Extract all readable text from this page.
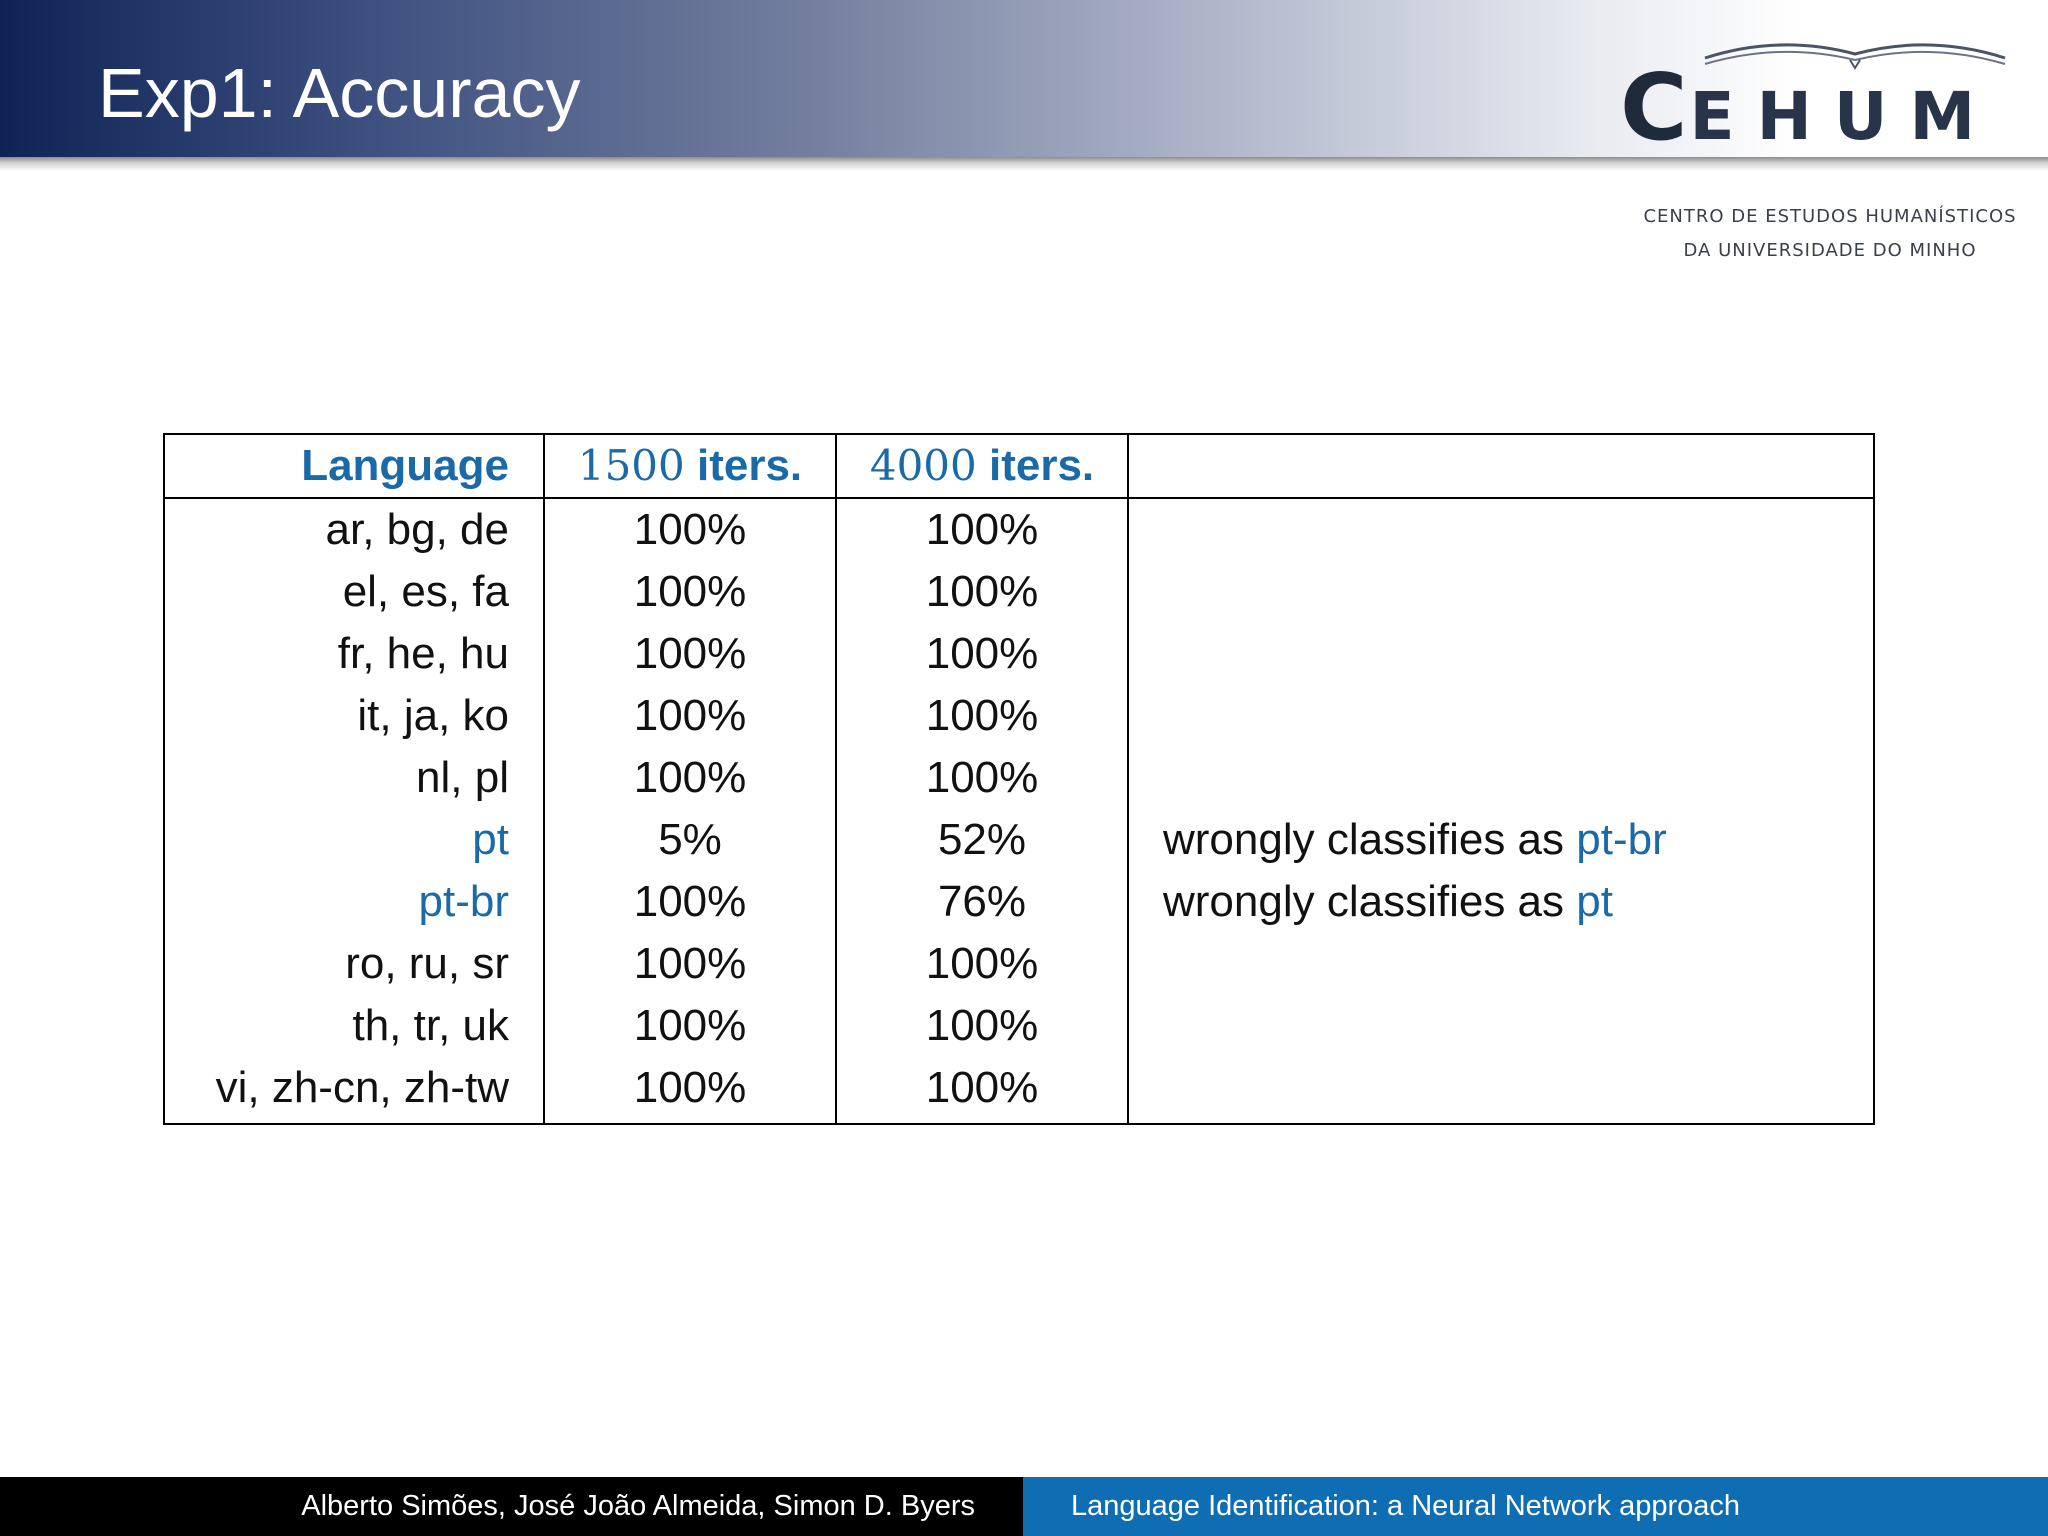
Exp1: Accuracy	CEHUM
CENTRO DE ESTUDOS HUMANÍSTICOS
DA UNIVERSIDADE DO MINHO
Language	1500 iters.	4000 iters.	
ar, bg, de	100%	100%	
el, es, fa	100%	100%	
fr, he, hu	100%	100%	
it, ja, ko	100%	100%	
nl, pl	100%	100%	
pt	5%	52%	wrongly classifies as pt-br
pt-br	100%	76%	wrongly classifies as pt
ro, ru, sr	100%	100%	
th, tr, uk	100%	100%	
vi, zh-cn, zh-tw	100%	100%	
Alberto Simões, José João Almeida, Simon D. Byers	Language Identification: a Neural Network approach
